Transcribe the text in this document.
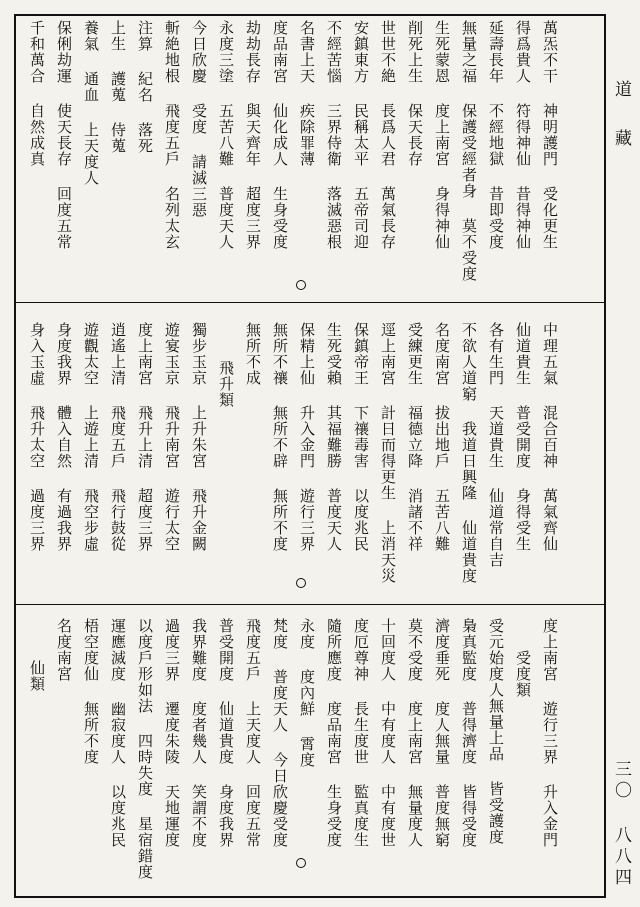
道 藏
三〇 八八四
萬炁不干 神明護門 受化更生
得爲貴人 符得神仙 昔得神仙
延壽長年 不經地獄 昔即受度
無量之福 保護受經者身 莫不受度
生死蒙恩 度上南宮 身得神仙
削死上生 保天長存
世世不絶 長爲人君 萬氣長存
安鎮東方 民稱太平 五帝司迎
不經苦惱 三界侍衛 落滅惡根
名書上天 疾除罪薄
度品南宮 仙化成人 生身受度
劫劫長存 與天齊年 超度三界
永度三塗 五苦八難 普度天人
今日欣慶 受度 請滅三惡
斬絶地根 飛度五戶 名列太玄
注算 紀名 落死
上生 護蒐 侍蒐
養氣 通血 上天度人
保俐劫運 使天長存 回度五常
千和萬合 自然成真
中理五氣 混合百神 萬氣齊仙
仙道貴生 普受開度 身得受生
各有生門 天道貴生 仙道常自吉
不欲人道窮 我道日興隆 仙道貴度
名度南宮 拔出地戶 五苦八難
受練更生 福德立降 消諸不祥
逕上南宮 計日而得更生 上消天災
保鎮帝王 下禳毒害 以度兆民
生死受賴 其福難勝 普度天人
保精上仙 升入金門 遊行三界
無所不禳 無所不辟 無所不度
無所不成
飛升類
獨步玉京 上升朱宮 飛升金闕
遊宴玉京 飛升南宮 遊行太空
度上南宮 飛升上清 超度三界
逍遙上清 飛度五戶 飛行鼓從
遊觀太空 上遊上清 飛空步虛
身度我界 體入自然 有過我界
身入玉虛 飛升太空 過度三界
度上南宮 遊行三界 升入金門
受度類
受元始度人無量上品 皆受護度
梟真監度 普得濟度 皆得受度
濟度垂死 度人無量 普度無窮
莫不受度 度上南宮 無量度人
十回度人 中有度人 中有度世
度厄尊神 長生度世 監真度生
隨所應度 度品南宮 生身受度
永度 度內鮮 霄度
梵度 普度天人 今日欣慶受度
飛度五戶 上天度人 回度五常
普受開度 仙道貴度 身度我界
我界難度 度者幾人 笑謂不度
過度三界 遷度朱陵 天地運度
以度戶形如法 四時失度 星宿錯度
運應滅度 幽寂度人 以度兆民
梧空度仙 無所不度
名度南宮
仙類
